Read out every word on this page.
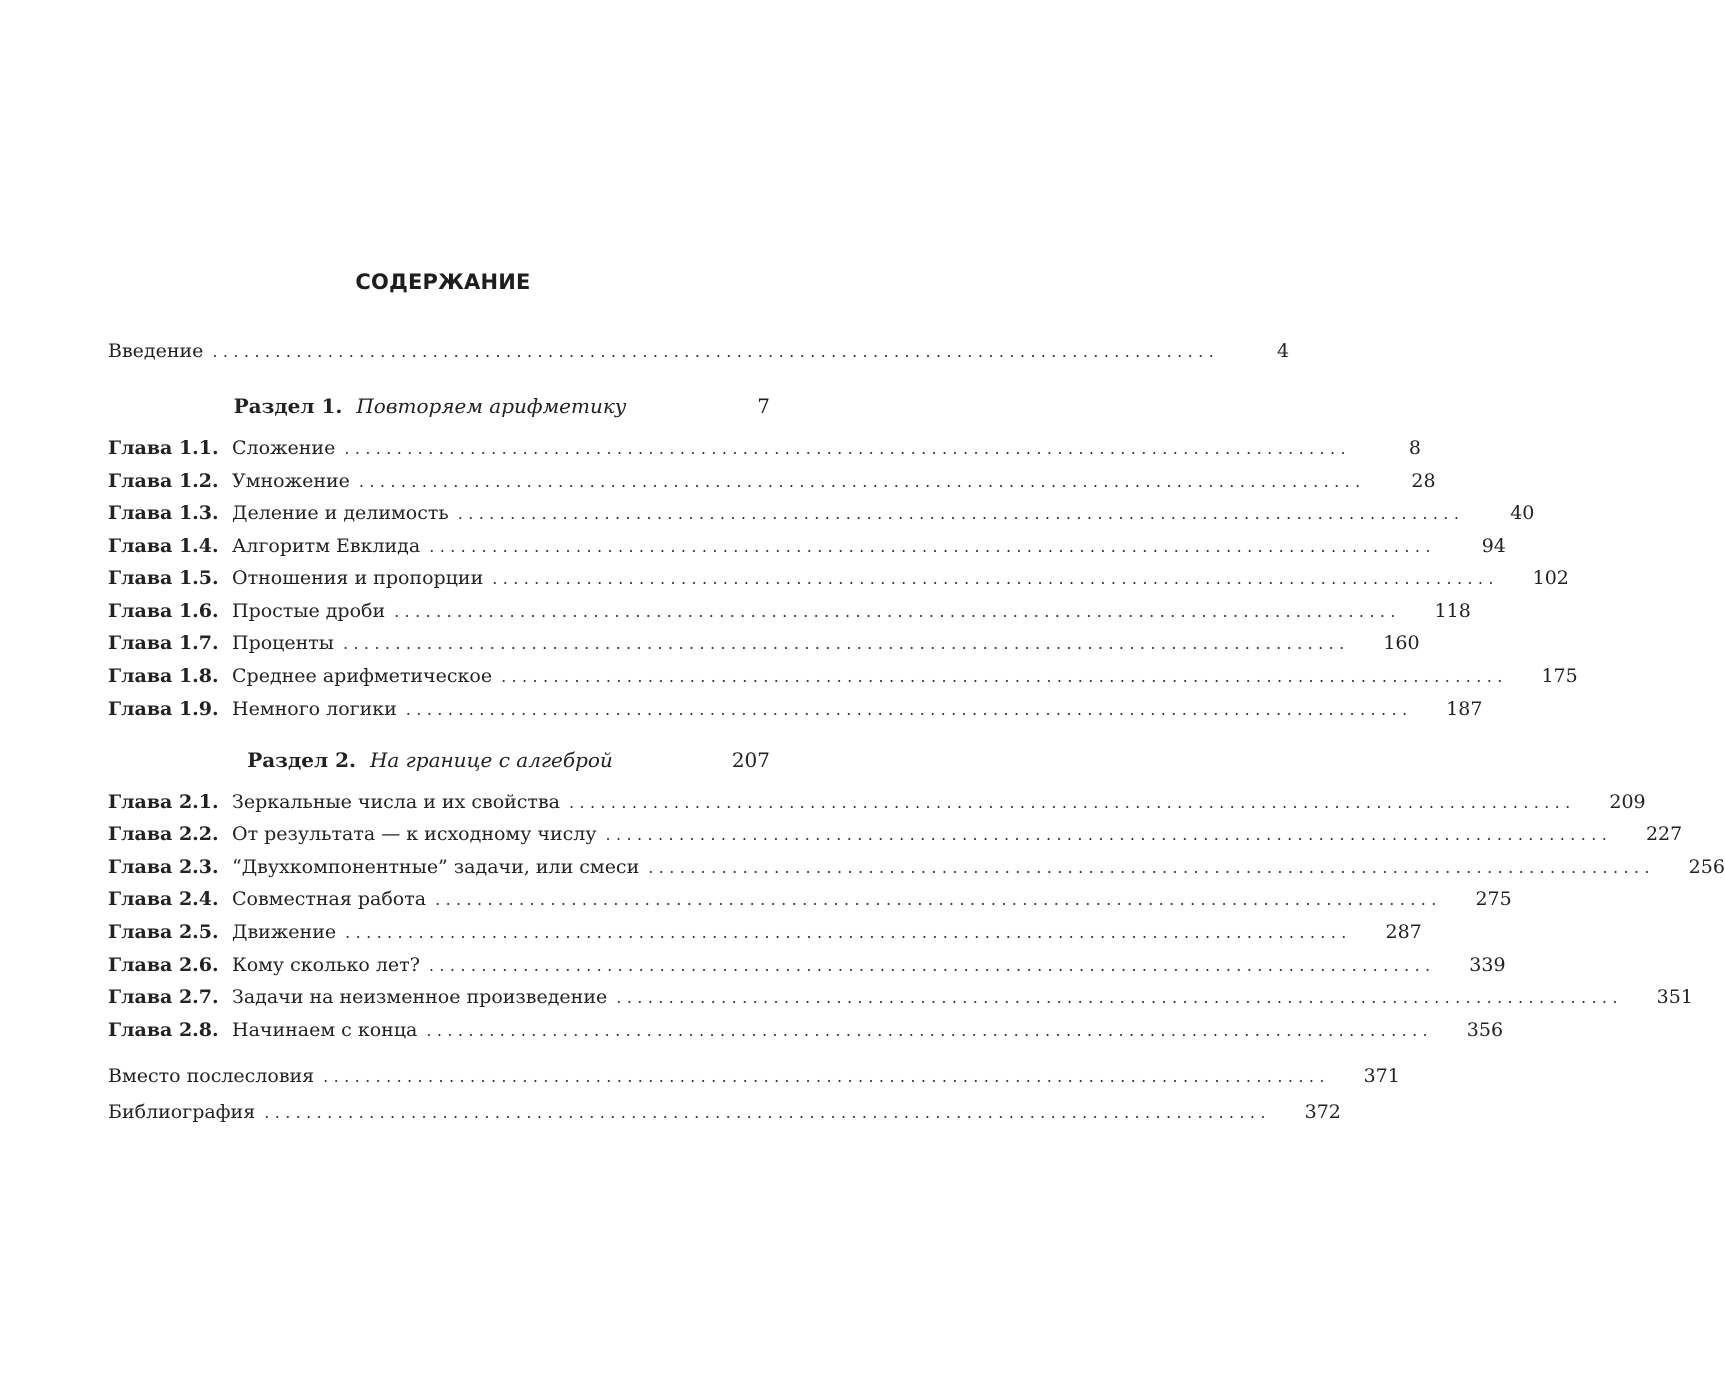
СОДЕРЖАНИЕ
Введение ................................................................................................	4
Раздел 1. Повторяем арифметику	7
Глава 1.1. Сложение ................................................................................................	8
Глава 1.2. Умножение ................................................................................................	28
Глава 1.3. Деление и делимость ................................................................................................	40
Глава 1.4. Алгоритм Евклида ................................................................................................	94
Глава 1.5. Отношения и пропорции ................................................................................................	102
Глава 1.6. Простые дроби ................................................................................................	118
Глава 1.7. Проценты ................................................................................................	160
Глава 1.8. Среднее арифметическое ................................................................................................	175
Глава 1.9. Немного логики ................................................................................................	187
Раздел 2. На границе с алгеброй	207
Глава 2.1. Зеркальные числа и их свойства ................................................................................................	209
Глава 2.2. От результата — к исходному числу ................................................................................................	227
Глава 2.3. “Двухкомпонентные” задачи, или смеси ................................................................................................	256
Глава 2.4. Совместная работа ................................................................................................	275
Глава 2.5. Движение ................................................................................................	287
Глава 2.6. Кому сколько лет? ................................................................................................	339
Глава 2.7. Задачи на неизменное произведение ................................................................................................	351
Глава 2.8. Начинаем с конца ................................................................................................	356
Вместо послесловия ................................................................................................	371
Библиография ................................................................................................	372
